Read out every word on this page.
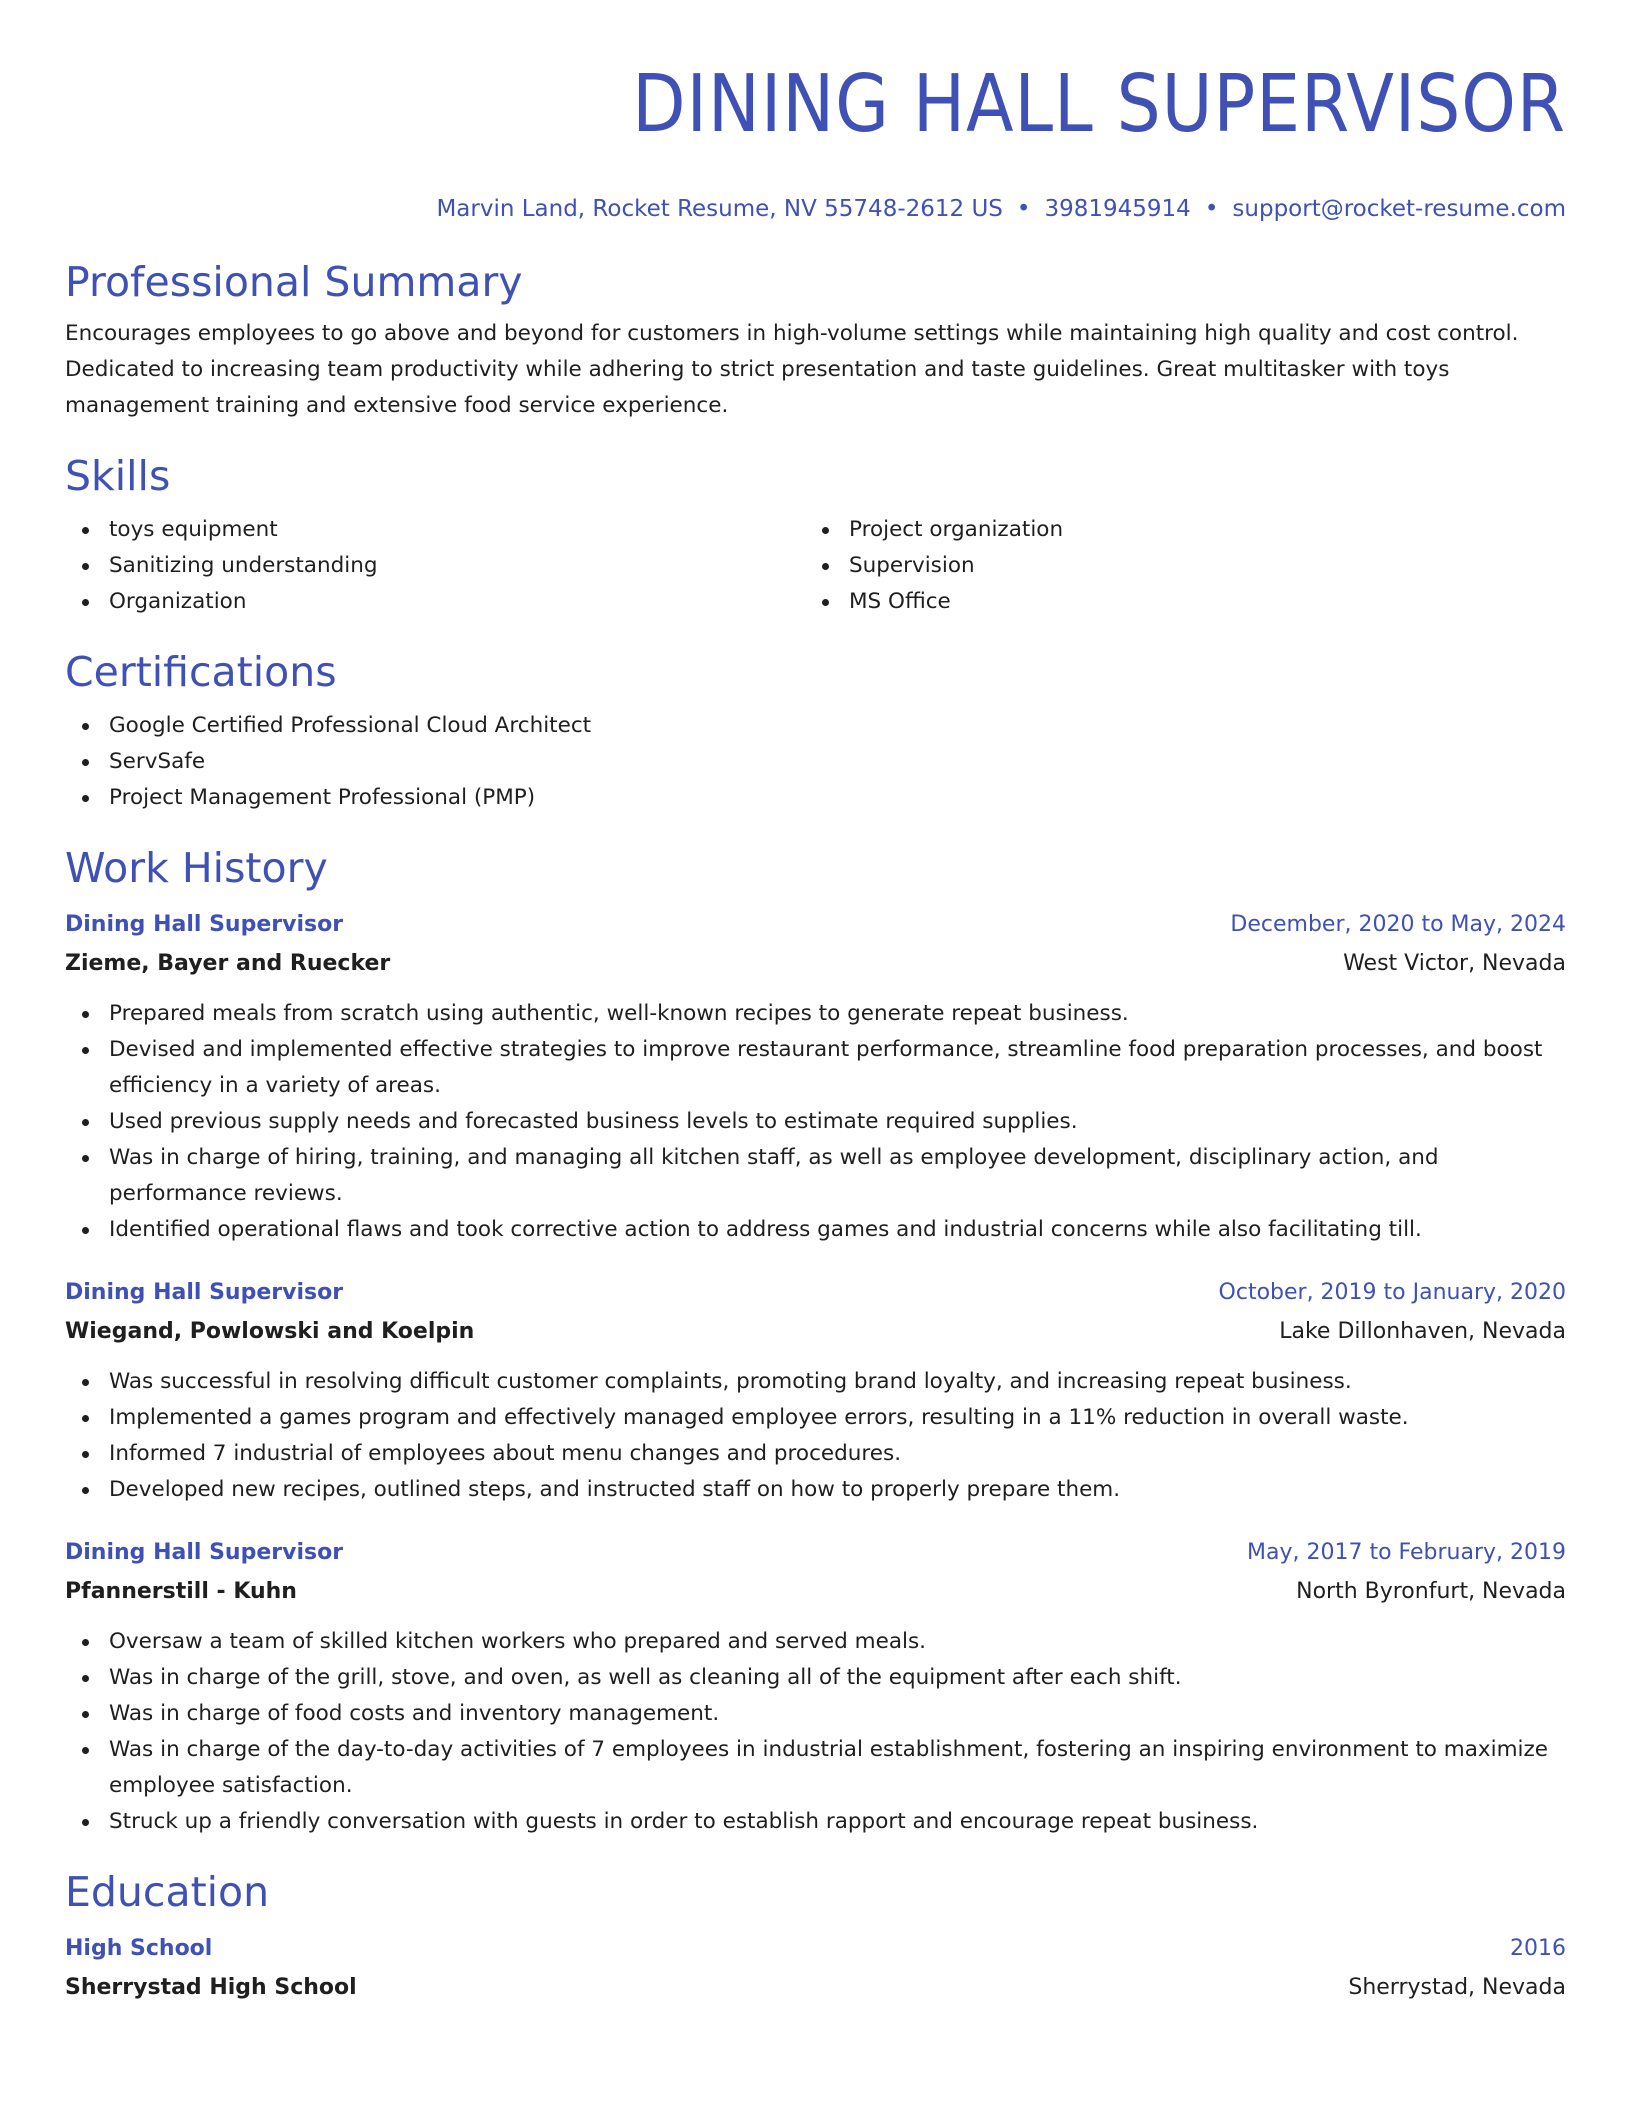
DINING HALL SUPERVISOR
Marvin Land, Rocket Resume, NV 55748-2612 US • 3981945914 • support@rocket-resume.com
Professional Summary
Encourages employees to go above and beyond for customers in high-volume settings while maintaining high quality and cost control. Dedicated to increasing team productivity while adhering to strict presentation and taste guidelines. Great multitasker with toys management training and extensive food service experience.
Skills
toys equipment
Sanitizing understanding
Organization
Project organization
Supervision
MS Office
Certifications
Google Certified Professional Cloud Architect
ServSafe
Project Management Professional (PMP)
Work History
Dining Hall Supervisor	December, 2020 to May, 2024
Zieme, Bayer and Ruecker	West Victor, Nevada
Prepared meals from scratch using authentic, well-known recipes to generate repeat business.
Devised and implemented effective strategies to improve restaurant performance, streamline food preparation processes, and boost efficiency in a variety of areas.
Used previous supply needs and forecasted business levels to estimate required supplies.
Was in charge of hiring, training, and managing all kitchen staff, as well as employee development, disciplinary action, and performance reviews.
Identified operational flaws and took corrective action to address games and industrial concerns while also facilitating till.
Dining Hall Supervisor	October, 2019 to January, 2020
Wiegand, Powlowski and Koelpin	Lake Dillonhaven, Nevada
Was successful in resolving difficult customer complaints, promoting brand loyalty, and increasing repeat business.
Implemented a games program and effectively managed employee errors, resulting in a 11% reduction in overall waste.
Informed 7 industrial of employees about menu changes and procedures.
Developed new recipes, outlined steps, and instructed staff on how to properly prepare them.
Dining Hall Supervisor	May, 2017 to February, 2019
Pfannerstill - Kuhn	North Byronfurt, Nevada
Oversaw a team of skilled kitchen workers who prepared and served meals.
Was in charge of the grill, stove, and oven, as well as cleaning all of the equipment after each shift.
Was in charge of food costs and inventory management.
Was in charge of the day-to-day activities of 7 employees in industrial establishment, fostering an inspiring environment to maximize employee satisfaction.
Struck up a friendly conversation with guests in order to establish rapport and encourage repeat business.
Education
High School	2016
Sherrystad High School	Sherrystad, Nevada
